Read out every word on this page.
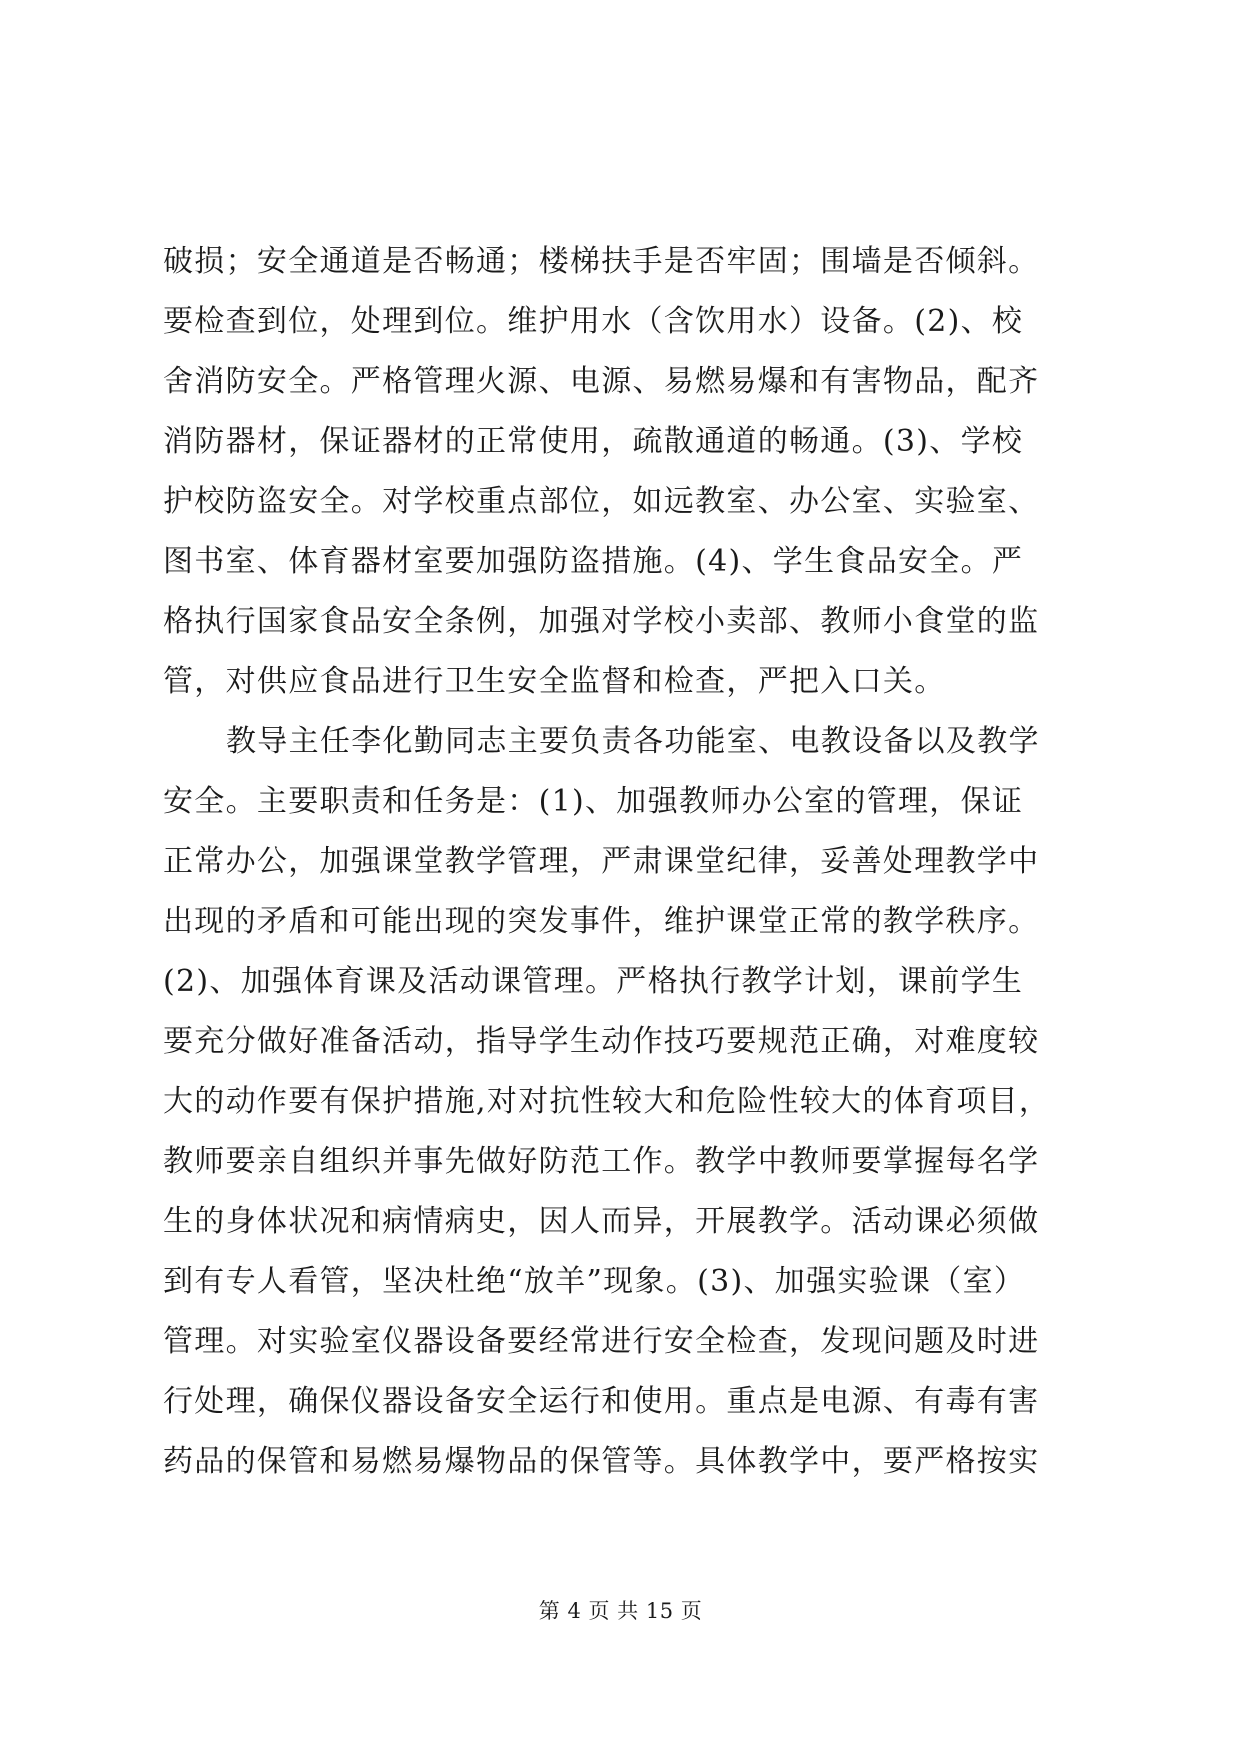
破损；安全通道是否畅通；楼梯扶手是否牢固；围墙是否倾斜。
要检查到位，处理到位。维护用水（含饮用水）设备。(2)、校
舍消防安全。严格管理火源、电源、易燃易爆和有害物品，配齐
消防器材，保证器材的正常使用，疏散通道的畅通。(3)、学校
护校防盗安全。对学校重点部位，如远教室、办公室、实验室、
图书室、体育器材室要加强防盗措施。(4)、学生食品安全。严
格执行国家食品安全条例，加强对学校小卖部、教师小食堂的监
管，对供应食品进行卫生安全监督和检查，严把入口关。
教导主任李化勤同志主要负责各功能室、电教设备以及教学
安全。主要职责和任务是：(1)、加强教师办公室的管理，保证
正常办公，加强课堂教学管理，严肃课堂纪律，妥善处理教学中
出现的矛盾和可能出现的突发事件，维护课堂正常的教学秩序。
(2)、加强体育课及活动课管理。严格执行教学计划，课前学生
要充分做好准备活动，指导学生动作技巧要规范正确，对难度较
大的动作要有保护措施,对对抗性较大和危险性较大的体育项目，
教师要亲自组织并事先做好防范工作。教学中教师要掌握每名学
生的身体状况和病情病史，因人而异，开展教学。活动课必须做
到有专人看管，坚决杜绝“放羊”现象。(3)、加强实验课（室）
管理。对实验室仪器设备要经常进行安全检查，发现问题及时进
行处理，确保仪器设备安全运行和使用。重点是电源、有毒有害
药品的保管和易燃易爆物品的保管等。具体教学中，要严格按实
第 4 页 共 15 页
